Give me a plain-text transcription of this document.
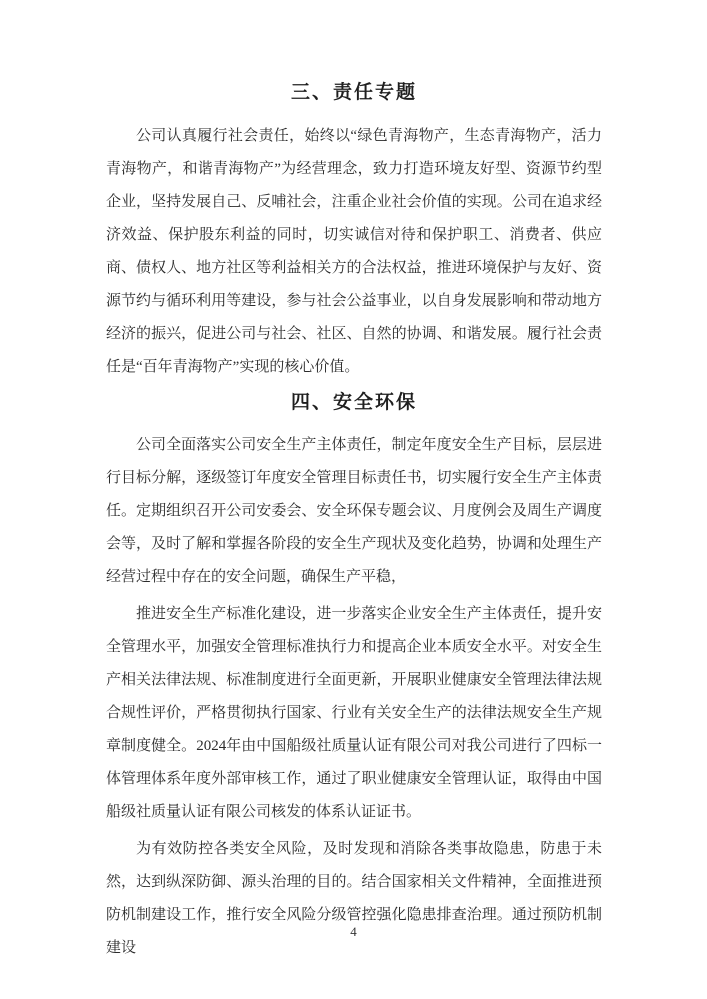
三、责任专题

公司认真履行社会责任，始终以“绿色青海物产，生态青海物产，活力青海物产，和谐青海物产”为经营理念，致力打造环境友好型、资源节约型企业，坚持发展自己、反哺社会，注重企业社会价值的实现。公司在追求经济效益、保护股东利益的同时，切实诚信对待和保护职工、消费者、供应商、债权人、地方社区等利益相关方的合法权益，推进环境保护与友好、资源节约与循环利用等建设，参与社会公益事业，以自身发展影响和带动地方经济的振兴，促进公司与社会、社区、自然的协调、和谐发展。履行社会责任是“百年青海物产”实现的核心价值。

四、安全环保

公司全面落实公司安全生产主体责任，制定年度安全生产目标，层层进行目标分解，逐级签订年度安全管理目标责任书，切实履行安全生产主体责任。定期组织召开公司安委会、安全环保专题会议、月度例会及周生产调度会等，及时了解和掌握各阶段的安全生产现状及变化趋势，协调和处理生产经营过程中存在的安全问题，确保生产平稳，

推进安全生产标准化建设，进一步落实企业安全生产主体责任，提升安全管理水平，加强安全管理标准执行力和提高企业本质安全水平。对安全生产相关法律法规、标准制度进行全面更新，开展职业健康安全管理法律法规合规性评价，严格贯彻执行国家、行业有关安全生产的法律法规安全生产规章制度健全。2024年由中国船级社质量认证有限公司对我公司进行了四标一体管理体系年度外部审核工作，通过了职业健康安全管理认证，取得由中国船级社质量认证有限公司核发的体系认证证书。

为有效防控各类安全风险，及时发现和消除各类事故隐患，防患于未然，达到纵深防御、源头治理的目的。结合国家相关文件精神，全面推进预防机制建设工作，推行安全风险分级管控强化隐患排查治理。通过预防机制建设

4
